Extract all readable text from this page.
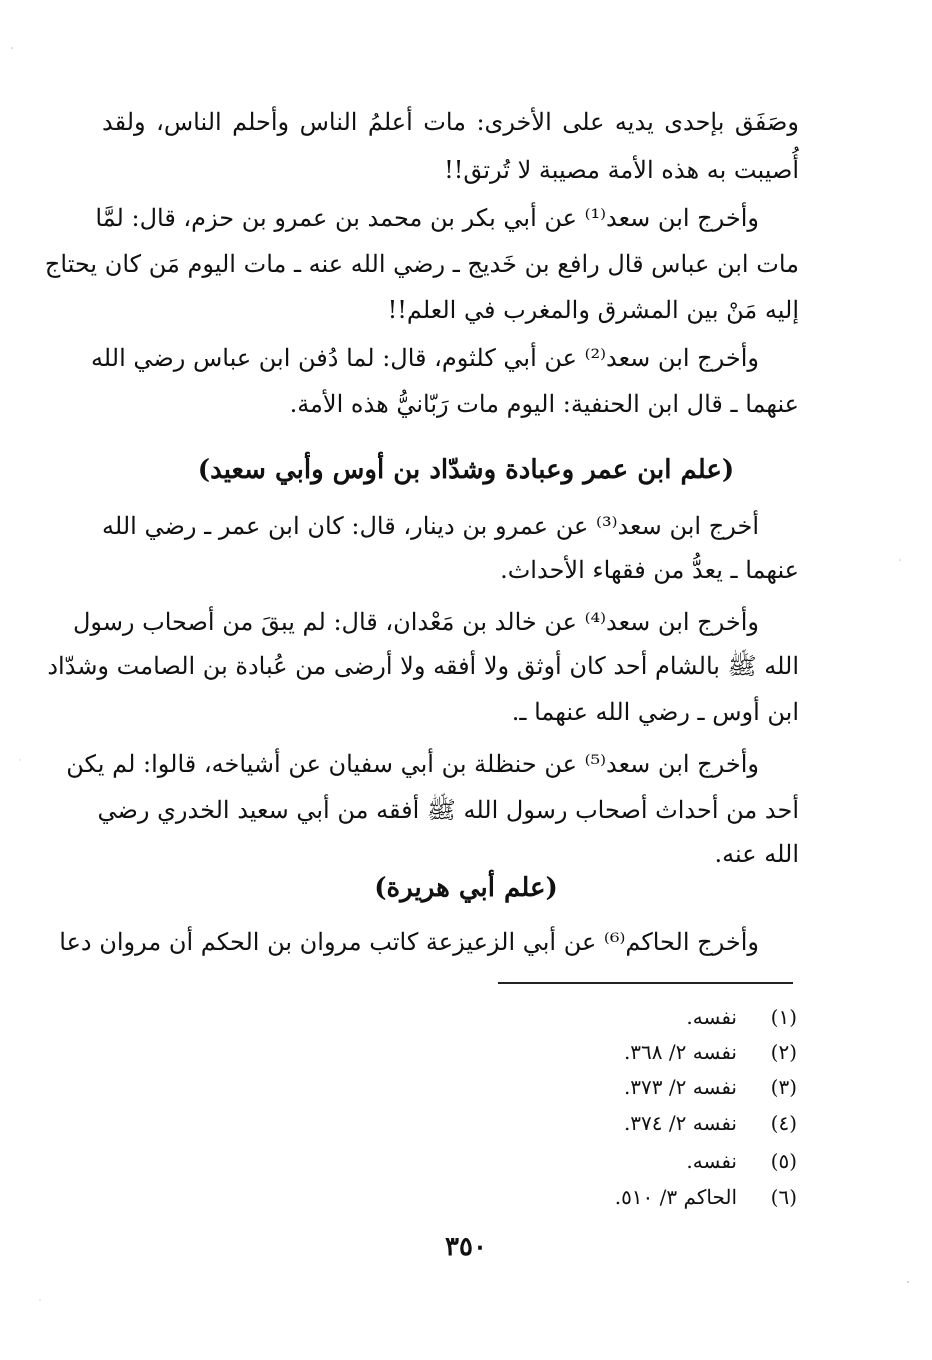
وصَفَق بإحدى يديه على الأخرى: مات أعلمُ الناس وأحلم الناس، ولقد
أُصيبت به هذه الأمة مصيبة لا تُرتق!!
وأخرج ابن سعد⁽¹⁾ عن أبي بكر بن محمد بن عمرو بن حزم، قال: لمَّا
مات ابن عباس قال رافع بن خَديج ـ رضي الله عنه ـ مات اليوم مَن كان يحتاج
إليه مَنْ بين المشرق والمغرب في العلم!!
وأخرج ابن سعد⁽²⁾ عن أبي كلثوم، قال: لما دُفن ابن عباس رضي الله
عنهما ـ قال ابن الحنفية: اليوم مات رَبّانيُّ هذه الأمة.
(علم ابن عمر وعبادة وشدّاد بن أوس وأبي سعيد)
أخرج ابن سعد⁽³⁾ عن عمرو بن دينار، قال: كان ابن عمر ـ رضي الله
عنهما ـ يعدُّ من فقهاء الأحداث.
وأخرج ابن سعد⁽⁴⁾ عن خالد بن مَعْدان، قال: لم يبقَ من أصحاب رسول
الله ﷺ بالشام أحد كان أوثق ولا أفقه ولا أرضى من عُبادة بن الصامت وشدّاد
ابن أوس ـ رضي الله عنهما ـ.
وأخرج ابن سعد⁽⁵⁾ عن حنظلة بن أبي سفيان عن أشياخه، قالوا: لم يكن
أحد من أحداث أصحاب رسول الله ﷺ أفقه من أبي سعيد الخدري رضي
الله عنه.
(علم أبي هريرة)
وأخرج الحاكم⁽⁶⁾ عن أبي الزعيزعة كاتب مروان بن الحكم أن مروان دعا
(١)نفسه.
(٢)نفسه ٢/ ٣٦٨.
(٣)نفسه ٢/ ٣٧٣.
(٤)نفسه ٢/ ٣٧٤.
(٥)نفسه.
(٦)الحاكم ٣/ ٥١٠.
٣٥٠
